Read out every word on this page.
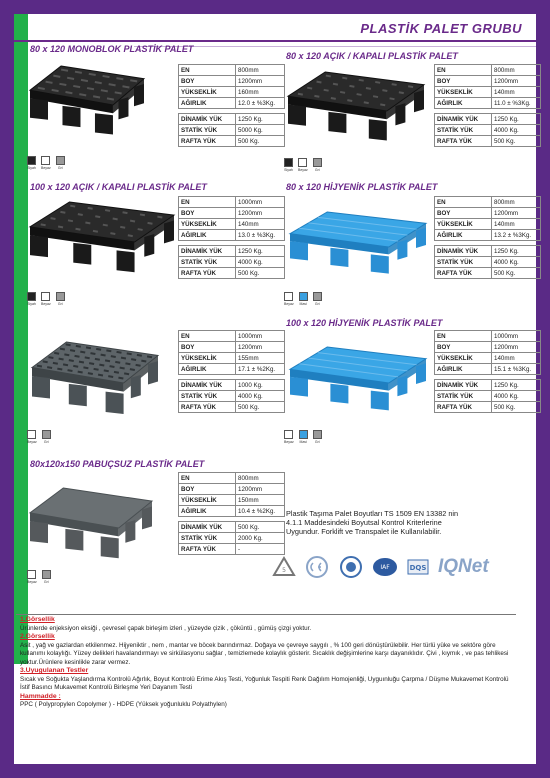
PLASTİK PALET GRUBU
80 x 120 MONOBLOK PLASTİK PALET
Siyah Beyaz Gri
EN	800mm
BOY	1200mm
YÜKSEKLİK	160mm
AĞIRLIK	12.0 ± %3Kg.

DİNAMİK YÜK	1250 Kg.
STATİK YÜK	5000 Kg.
RAFTA YÜK	500 Kg.
80 x 120 AÇIK / KAPALI PLASTİK PALET
Siyah Beyaz Gri
EN	800mm
BOY	1200mm
YÜKSEKLİK	140mm
AĞIRLIK	11.0 ± %3Kg.

DİNAMİK YÜK	1250 Kg.
STATİK YÜK	4000 Kg.
RAFTA YÜK	500 Kg.
100 x 120 AÇIK / KAPALI PLASTİK PALET
Siyah Beyaz Gri
EN	1000mm
BOY	1200mm
YÜKSEKLİK	140mm
AĞIRLIK	13.0 ± %3Kg.

DİNAMİK YÜK	1250 Kg.
STATİK YÜK	4000 Kg.
RAFTA YÜK	500 Kg.
80 x 120 HİJYENİK PLASTİK PALET
Beyaz Mavi Gri
EN	800mm
BOY	1200mm
YÜKSEKLİK	140mm
AĞIRLIK	13.2 ± %3Kg.

DİNAMİK YÜK	1250 Kg.
STATİK YÜK	4000 Kg.
RAFTA YÜK	500 Kg.
Beyaz Gri
EN	1000mm
BOY	1200mm
YÜKSEKLİK	155mm
AĞIRLIK	17.1 ± %2Kg.

DİNAMİK YÜK	1000 Kg.
STATİK YÜK	4000 Kg.
RAFTA YÜK	500 Kg.
100 x 120 HİJYENİK PLASTİK PALET
Beyaz Mavi Gri
EN	1000mm
BOY	1200mm
YÜKSEKLİK	140mm
AĞIRLIK	15.1 ± %3Kg.

DİNAMİK YÜK	1250 Kg.
STATİK YÜK	4000 Kg.
RAFTA YÜK	500 Kg.
80x120x150 PABUÇSUZ PLASTİK PALET
Beyaz Gri
EN	800mm
BOY	1200mm
YÜKSEKLİK	150mm
AĞIRLIK	10.4 ± %2Kg.

DİNAMİK YÜK	500 Kg.
STATİK YÜK	2000 Kg.
RAFTA YÜK	-
Plastik Taşıma Palet Boyutları TS 1509 EN 13382 nin 4.1.1 Maddesindeki Boyutsal Kontrol Kriterlerine Uygundur. Forklift ve Transpalet ile Kullanılabilir.
5	IAF	DQS IQNet
1.Görsellik
Ürünlerde enjeksiyon eksiği , çevresel çapak birleşim izleri , yüzeyde çizik , çöküntü , gümüş çizgi yoktur.
2.Görsellik
Asit , yağ ve gazlardan etkilenmez. Hijyeniktir , nem , mantar ve böcek barındırmaz. Doğaya ve çevreye saygılı , % 100 geri dönüştürülebilir. Her türlü yüke ve sektöre göre kullanımı kolaylığı. Yüzey delikleri havalandırmayı ve sirkülasyonu sağlar , temizlemede kolaylık gösterir. Sıcaklık değişimlerine karşı dayanıklıdır. Çivi , kıymık , ve pas tehlikesi yoktur.Ürünlere kesinlikle zarar vermez.
3.Uyugulanan Testler
Sıcak ve Soğukta Yaşlandırma Kontrolü Ağırlık, Boyut Kontrolü Erime Akış Testi, Yoğunluk Tespiti Renk Dağılım Homojenliği, Uyguınluğu Çarpma / Düşme Mukavemet Kontrolü İstif Basıncı Mukavemet Kontrolü Birleşme Yeri Dayanım Testi
Hammadde :
PPC ( Polypropylen Copolymer ) - HDPE (Yüksek yoğunluklu Polyathylen)
